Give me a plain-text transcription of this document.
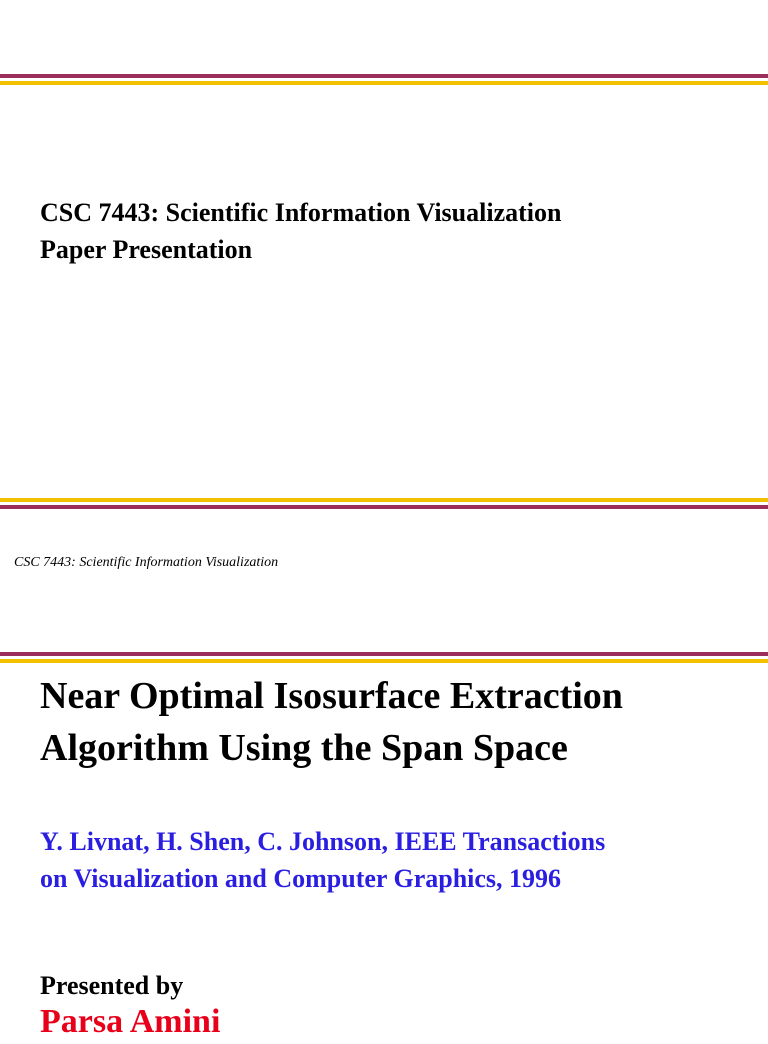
CSC 7443: Scientific Information Visualization
Paper Presentation

CSC 7443: Scientific Information Visualization

Near Optimal Isosurface Extraction
Algorithm Using the Span Space

Y. Livnat, H. Shen, C. Johnson, IEEE Transactions
on Visualization and Computer Graphics, 1996

Presented by

Parsa Amini
